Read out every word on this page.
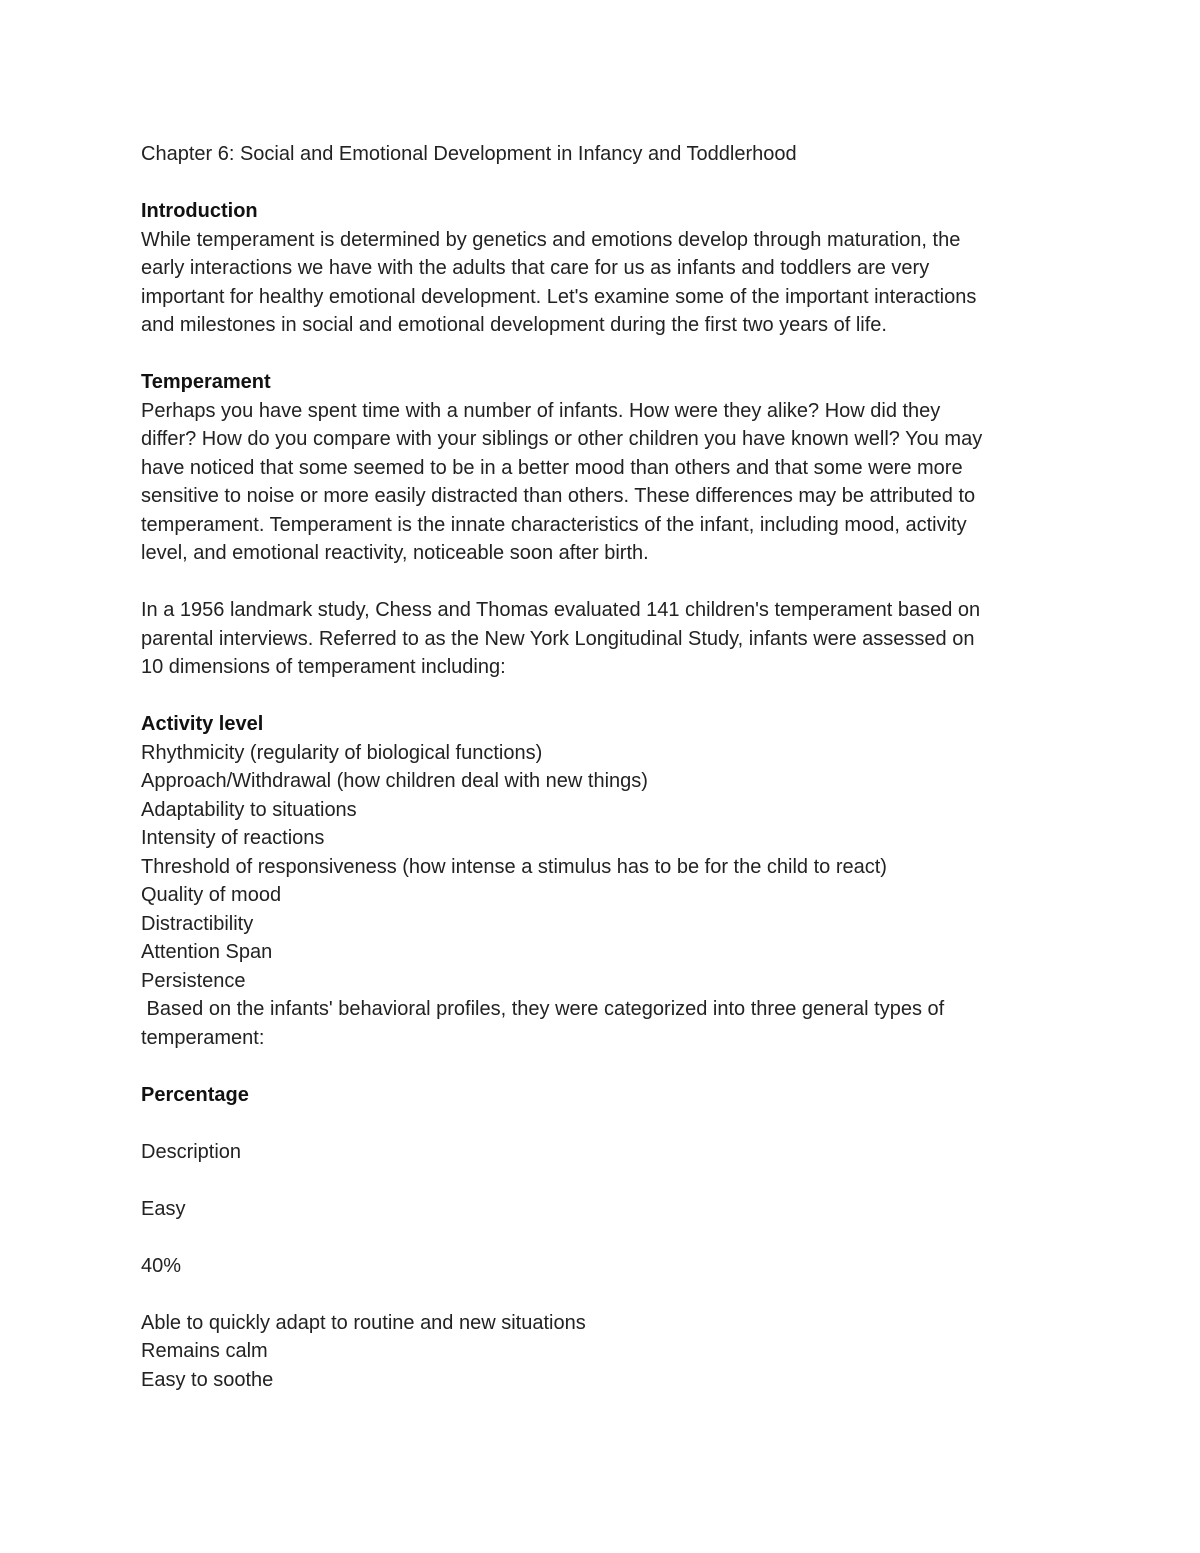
Chapter 6: Social and Emotional Development in Infancy and Toddlerhood
Introduction
While temperament is determined by genetics and emotions develop through maturation, the
early interactions we have with the adults that care for us as infants and toddlers are very
important for healthy emotional development. Let's examine some of the important interactions
and milestones in social and emotional development during the first two years of life.
Temperament
Perhaps you have spent time with a number of infants. How were they alike? How did they
differ? How do you compare with your siblings or other children you have known well? You may
have noticed that some seemed to be in a better mood than others and that some were more
sensitive to noise or more easily distracted than others. These differences may be attributed to
temperament. Temperament is the innate characteristics of the infant, including mood, activity
level, and emotional reactivity, noticeable soon after birth.
In a 1956 landmark study, Chess and Thomas evaluated 141 children's temperament based on
parental interviews. Referred to as the New York Longitudinal Study, infants were assessed on
10 dimensions of temperament including:
Activity level
Rhythmicity (regularity of biological functions)
Approach/Withdrawal (how children deal with new things)
Adaptability to situations
Intensity of reactions
Threshold of responsiveness (how intense a stimulus has to be for the child to react)
Quality of mood
Distractibility
Attention Span
Persistence
Based on the infants' behavioral profiles, they were categorized into three general types of
temperament:
Percentage
Description
Easy
40%
Able to quickly adapt to routine and new situations
Remains calm
Easy to soothe
